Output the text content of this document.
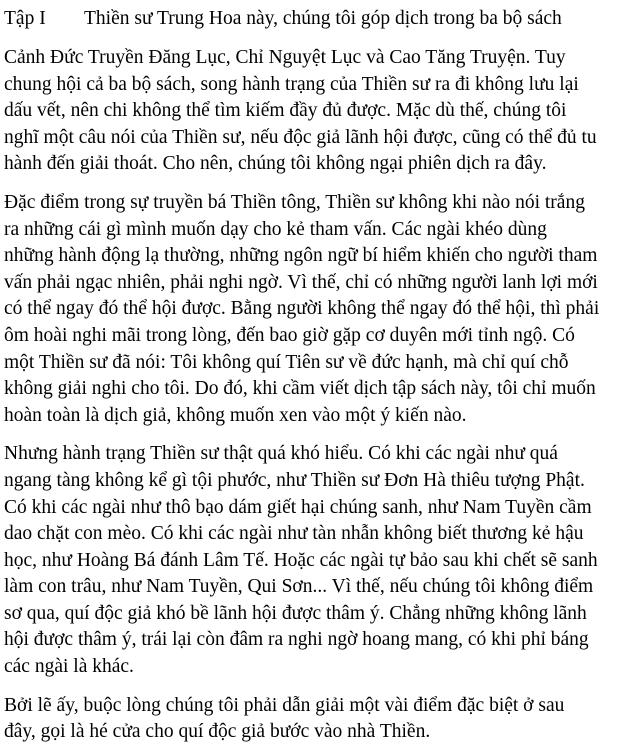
Tập I Thiền sư Trung Hoa này, chúng tôi góp dịch trong ba bộ sách
Cảnh Đức Truyền Đăng Lục, Chỉ Nguyệt Lục và Cao Tăng Truyện. Tuy
chung hội cả ba bộ sách, song hành trạng của Thiền sư ra đi không lưu lại
dấu vết, nên chi không thể tìm kiếm đầy đủ được. Mặc dù thế, chúng tôi
nghĩ một câu nói của Thiền sư, nếu độc giả lãnh hội được, cũng có thể đủ tu
hành đến giải thoát. Cho nên, chúng tôi không ngại phiên dịch ra đây.
Đặc điểm trong sự truyền bá Thiền tông, Thiền sư không khi nào nói trắng
ra những cái gì mình muốn dạy cho kẻ tham vấn. Các ngài khéo dùng
những hành động lạ thường, những ngôn ngữ bí hiểm khiến cho người tham
vấn phải ngạc nhiên, phải nghi ngờ. Vì thế, chỉ có những người lanh lợi mới
có thể ngay đó thể hội được. Bằng người không thể ngay đó thể hội, thì phải
ôm hoài nghi mãi trong lòng, đến bao giờ gặp cơ duyên mới tỉnh ngộ. Có
một Thiền sư đã nói: Tôi không quí Tiên sư về đức hạnh, mà chỉ quí chỗ
không giải nghi cho tôi. Do đó, khi cầm viết dịch tập sách này, tôi chỉ muốn
hoàn toàn là dịch giả, không muốn xen vào một ý kiến nào.
Nhưng hành trạng Thiền sư thật quá khó hiểu. Có khi các ngài như quá
ngang tàng không kể gì tội phước, như Thiền sư Đơn Hà thiêu tượng Phật.
Có khi các ngài như thô bạo dám giết hại chúng sanh, như Nam Tuyền cầm
dao chặt con mèo. Có khi các ngài như tàn nhẫn không biết thương kẻ hậu
học, như Hoàng Bá đánh Lâm Tế. Hoặc các ngài tự bảo sau khi chết sẽ sanh
làm con trâu, như Nam Tuyền, Qui Sơn... Vì thế, nếu chúng tôi không điểm
sơ qua, quí độc giả khó bề lãnh hội được thâm ý. Chẳng những không lãnh
hội được thâm ý, trái lại còn đâm ra nghi ngờ hoang mang, có khi phỉ báng
các ngài là khác.
Bởi lẽ ấy, buộc lòng chúng tôi phải dẫn giải một vài điểm đặc biệt ở sau
đây, gọi là hé cửa cho quí độc giả bước vào nhà Thiền.
